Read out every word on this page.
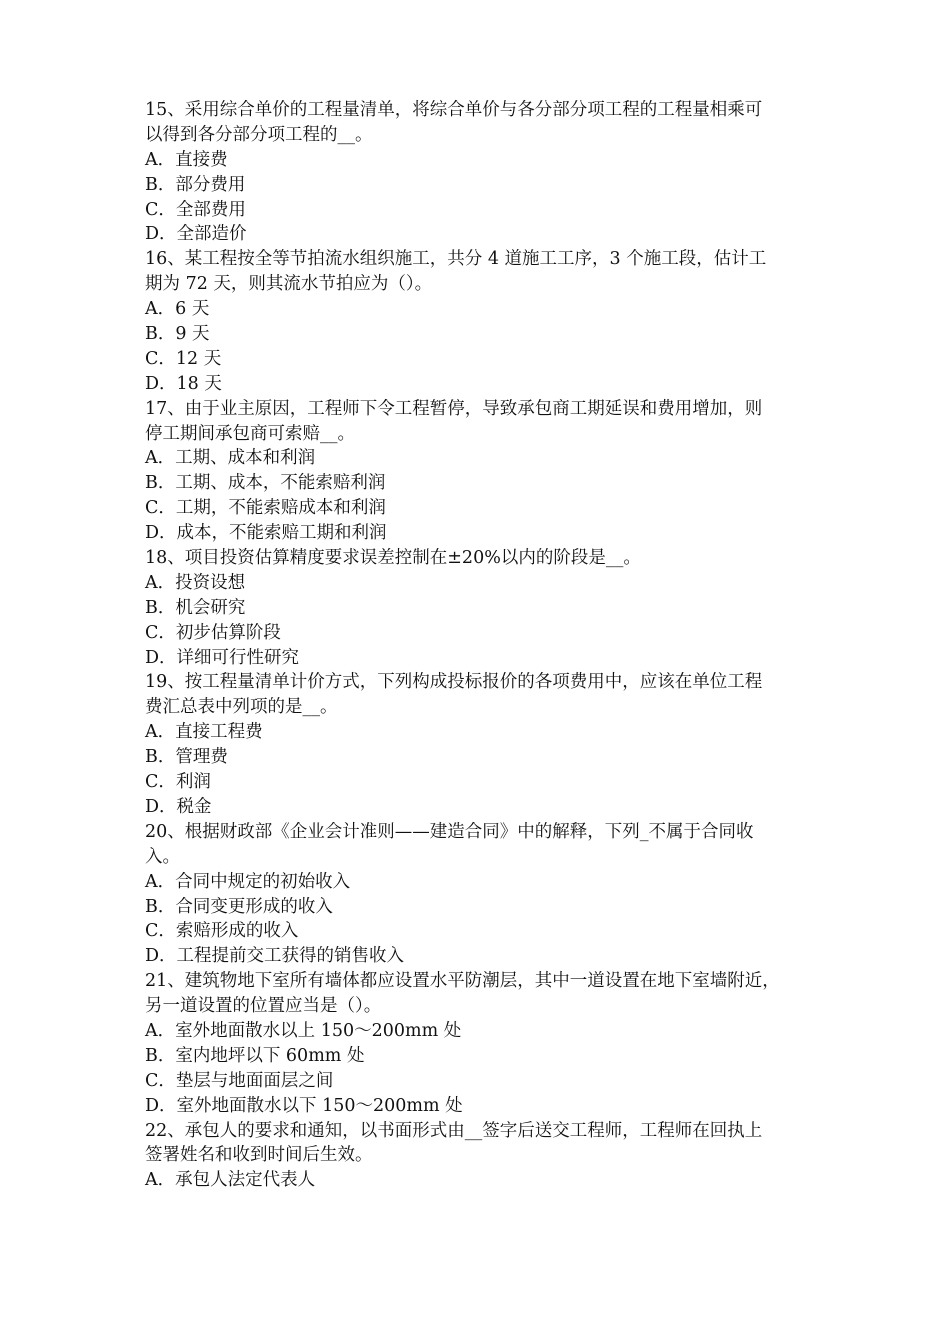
15、采用综合单价的工程量清单，将综合单价与各分部分项工程的工程量相乘可
以得到各分部分项工程的__。
A．直接费
B．部分费用
C．全部费用
D．全部造价
16、某工程按全等节拍流水组织施工，共分 4 道施工工序，3 个施工段，估计工
期为 72 天，则其流水节拍应为（）。
A．6 天
B．9 天
C．12 天
D．18 天
17、由于业主原因，工程师下令工程暂停，导致承包商工期延误和费用增加，则
停工期间承包商可索赔__。
A．工期、成本和利润
B．工期、成本，不能索赔利润
C．工期，不能索赔成本和利润
D．成本，不能索赔工期和利润
18、项目投资估算精度要求误差控制在±20%以内的阶段是__。
A．投资设想
B．机会研究
C．初步估算阶段
D．详细可行性研究
19、按工程量清单计价方式，下列构成投标报价的各项费用中，应该在单位工程
费汇总表中列项的是__。
A．直接工程费
B．管理费
C．利润
D．税金
20、根据财政部《企业会计准则——建造合同》中的解释，下列_不属于合同收
入。
A．合同中规定的初始收入
B．合同变更形成的收入
C．索赔形成的收入
D．工程提前交工获得的销售收入
21、建筑物地下室所有墙体都应设置水平防潮层，其中一道设置在地下室墙附近，
另一道设置的位置应当是（）。
A．室外地面散水以上 150～200mm 处
B．室内地坪以下 60mm 处
C．垫层与地面面层之间
D．室外地面散水以下 150～200mm 处
22、承包人的要求和通知，以书面形式由__签字后送交工程师，工程师在回执上
签署姓名和收到时间后生效。
A．承包人法定代表人
